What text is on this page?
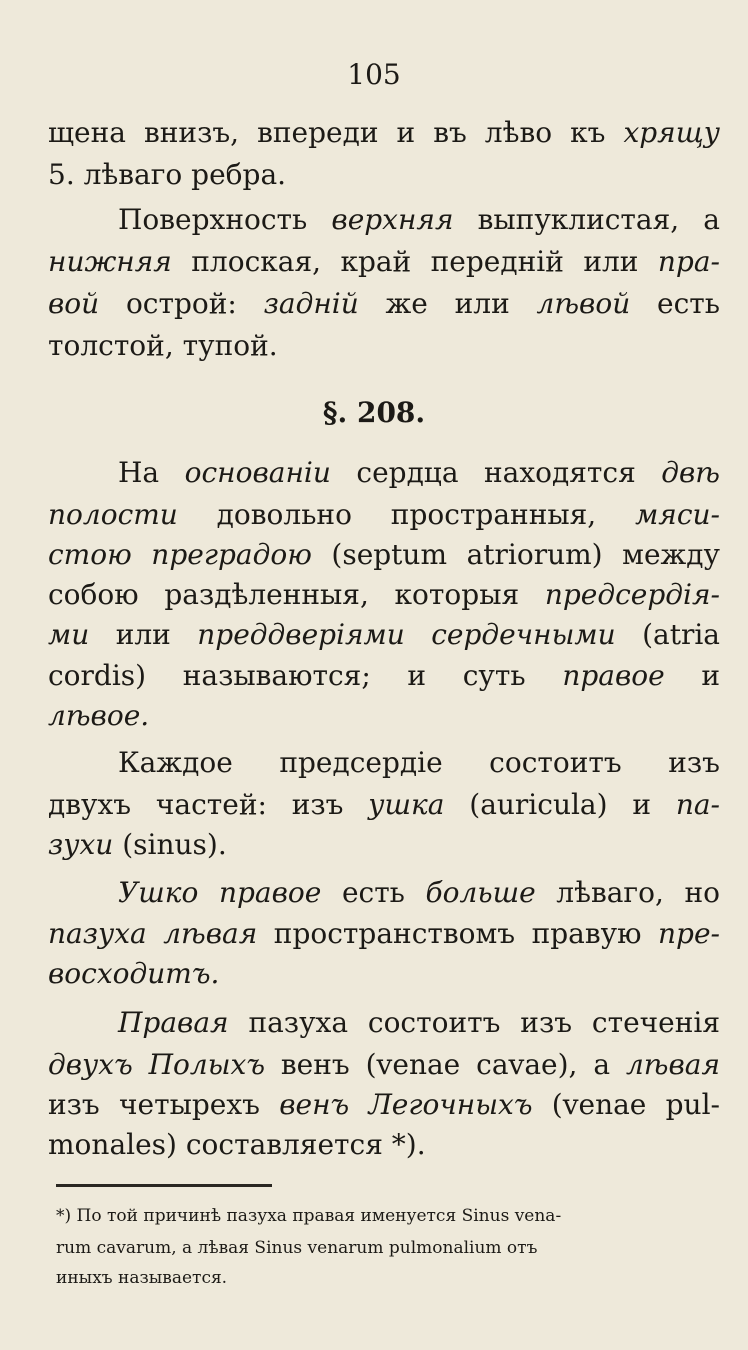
105
щена внизъ, впереди и въ лѣво къ хрящу
5. лѣваго ребра.
Поверхность верхняя выпуклистая, а
нижняя плоская, край передній или пра-
вой острой: задній же или лѣвой есть
толстой, тупой.
§. 208.
На основаніи сердца находятся двѣ
полости довольно пространныя, мяси-
стою преградою (septum atriorum) между
собою раздѣленныя, которыя предсердія-
ми или преддверіями сердечными (atria
cordis) называются; и суть правое и
лѣвое.
Каждое предсердіе состоитъ изъ
двухъ частей: изъ ушка (auricula) и па-
зухи (sinus).
Ушко правое есть больше лѣваго, но
пазуха лѣвая пространствомъ правую пре-
восходитъ.
Правая пазуха состоитъ изъ стеченія
двухъ Полыхъ венъ (venae cavae), а лѣвая
изъ четырехъ венъ Легочныхъ (venae pul-
monales) составляется *).
*) По той причинѣ пазуха правая именуется Sinus vena-
rum cavarum, а лѣвая Sinus venarum pulmonalium отъ
иныхъ называется.
